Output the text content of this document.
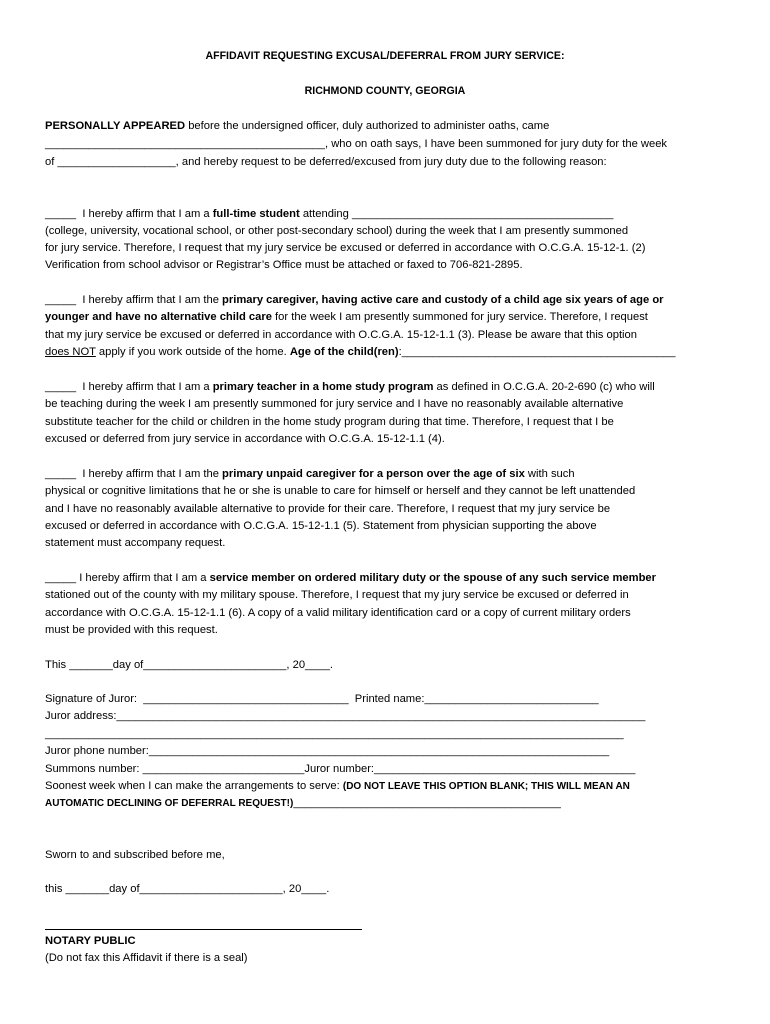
AFFIDAVIT REQUESTING EXCUSAL/DEFERRAL FROM JURY SERVICE:
RICHMOND COUNTY, GEORGIA
PERSONALLY APPEARED before the undersigned officer, duly authorized to administer oaths, came
_____________________________________________, who on oath says, I have been summoned for jury duty for the week
of ___________________, and hereby request to be deferred/excused from jury duty due to the following reason:
_____  I hereby affirm that I am a full-time student attending __________________________________________
(college, university, vocational school, or other post-secondary school) during the week that I am presently summoned
for jury service. Therefore, I request that my jury service be excused or deferred in accordance with O.C.G.A. 15-12-1. (2)
Verification from school advisor or Registrar’s Office must be attached or faxed to 706-821-2895.
_____  I hereby affirm that I am the primary caregiver, having active care and custody of a child age six years of age or
younger and have no alternative child care for the week I am presently summoned for jury service. Therefore, I request
that my jury service be excused or deferred in accordance with O.C.G.A. 15-12-1.1 (3). Please be aware that this option
does NOT apply if you work outside of the home. Age of the child(ren):____________________________________________
_____  I hereby affirm that I am a primary teacher in a home study program as defined in O.C.G.A. 20-2-690 (c) who will
be teaching during the week I am presently summoned for jury service and I have no reasonably available alternative
substitute teacher for the child or children in the home study program during that time. Therefore, I request that I be
excused or deferred from jury service in accordance with O.C.G.A. 15-12-1.1 (4).
_____  I hereby affirm that I am the primary unpaid caregiver for a person over the age of six with such
physical or cognitive limitations that he or she is unable to care for himself or herself and they cannot be left unattended
and I have no reasonably available alternative to provide for their care. Therefore, I request that my jury service be
excused or deferred in accordance with O.C.G.A. 15-12-1.1 (5). Statement from physician supporting the above
statement must accompany request.
_____ I hereby affirm that I am a service member on ordered military duty or the spouse of any such service member
stationed out of the county with my military spouse. Therefore, I request that my jury service be excused or deferred in
accordance with O.C.G.A. 15-12-1.1 (6). A copy of a valid military identification card or a copy of current military orders
must be provided with this request.
This _______day of_______________________, 20____.
Signature of Juror:  _________________________________  Printed name:____________________________
Juror address:_____________________________________________________________________________________
_____________________________________________________________________________________________
Juror phone number:__________________________________________________________________________
Summons number: __________________________Juror number:__________________________________________
Soonest week when I can make the arrangements to serve: (DO NOT LEAVE THIS OPTION BLANK; THIS WILL MEAN AN
AUTOMATIC DECLINING OF DEFERRAL REQUEST!)___________________________________________
Sworn to and subscribed before me,
this _______day of_______________________, 20____.
NOTARY PUBLIC
(Do not fax this Affidavit if there is a seal)
